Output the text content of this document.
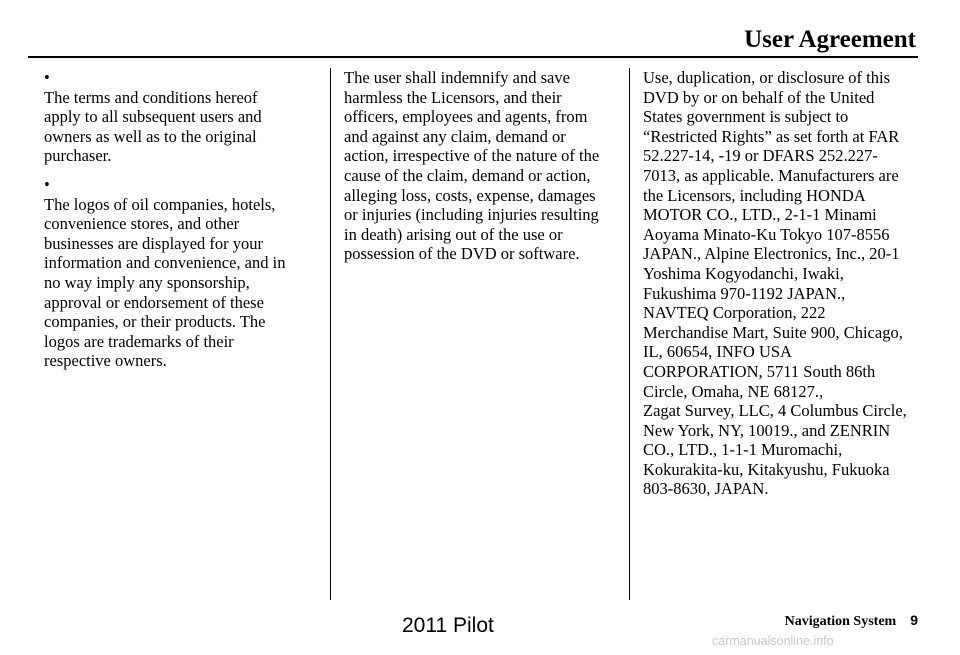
User Agreement
• The terms and conditions hereof
apply to all subsequent users and
owners as well as to the original
purchaser.
• The logos of oil companies, hotels,
convenience stores, and other
businesses are displayed for your
information and convenience, and in
no way imply any sponsorship,
approval or endorsement of these
companies, or their products. The
logos are trademarks of their
respective owners.
The user shall indemnify and save
harmless the Licensors, and their
officers, employees and agents, from
and against any claim, demand or
action, irrespective of the nature of the
cause of the claim, demand or action,
alleging loss, costs, expense, damages
or injuries (including injuries resulting
in death) arising out of the use or
possession of the DVD or software.
Use, duplication, or disclosure of this
DVD by or on behalf of the United
States government is subject to
“Restricted Rights” as set forth at FAR
52.227-14, -19 or DFARS 252.227-
7013, as applicable. Manufacturers are
the Licensors, including HONDA
MOTOR CO., LTD., 2-1-1 Minami
Aoyama Minato-Ku Tokyo 107-8556
JAPAN., Alpine Electronics, Inc., 20-1
Yoshima Kogyodanchi, Iwaki,
Fukushima 970-1192 JAPAN.,
NAVTEQ Corporation, 222
Merchandise Mart, Suite 900, Chicago,
IL, 60654, INFO USA
CORPORATION, 5711 South 86th
Circle, Omaha, NE 68127.,
Zagat Survey, LLC, 4 Columbus Circle,
New York, NY, 10019., and ZENRIN
CO., LTD., 1-1-1 Muromachi,
Kokurakita-ku, Kitakyushu, Fukuoka
803-8630, JAPAN.
Navigation System 9
2011 Pilot
carmanualsonline.info
